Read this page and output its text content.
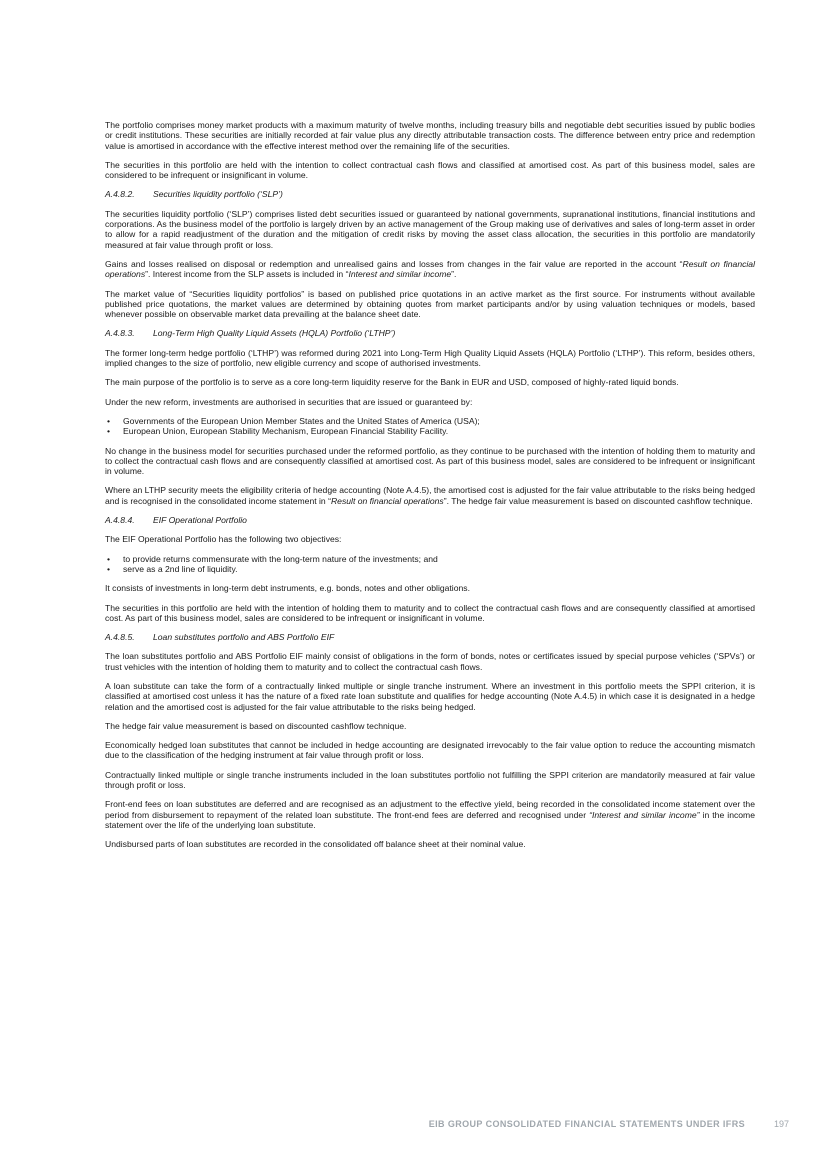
The portfolio comprises money market products with a maximum maturity of twelve months, including treasury bills and negotiable debt securities issued by public bodies or credit institutions. These securities are initially recorded at fair value plus any directly attributable transaction costs. The difference between entry price and redemption value is amortised in accordance with the effective interest method over the remaining life of the securities.

The securities in this portfolio are held with the intention to collect contractual cash flows and classified at amortised cost. As part of this business model, sales are considered to be infrequent or insignificant in volume.

A.4.8.2. Securities liquidity portfolio (‘SLP’)

The securities liquidity portfolio (‘SLP’) comprises listed debt securities issued or guaranteed by national governments, supranational institutions, financial institutions and corporations. As the business model of the portfolio is largely driven by an active management of the Group making use of derivatives and sales of long-term asset in order to allow for a rapid readjustment of the duration and the mitigation of credit risks by moving the asset class allocation, the securities in this portfolio are mandatorily measured at fair value through profit or loss.

Gains and losses realised on disposal or redemption and unrealised gains and losses from changes in the fair value are reported in the account “Result on financial operations”. Interest income from the SLP assets is included in “Interest and similar income”.

The market value of “Securities liquidity portfolios” is based on published price quotations in an active market as the first source. For instruments without available published price quotations, the market values are determined by obtaining quotes from market participants and/or by using valuation techniques or models, based whenever possible on observable market data prevailing at the balance sheet date.

A.4.8.3. Long-Term High Quality Liquid Assets (HQLA) Portfolio (‘LTHP’)

The former long-term hedge portfolio (‘LTHP’) was reformed during 2021 into Long-Term High Quality Liquid Assets (HQLA) Portfolio (‘LTHP’). This reform, besides others, implied changes to the size of portfolio, new eligible currency and scope of authorised investments.

The main purpose of the portfolio is to serve as a core long-term liquidity reserve for the Bank in EUR and USD, composed of highly-rated liquid bonds.

Under the new reform, investments are authorised in securities that are issued or guaranteed by:

• Governments of the European Union Member States and the United States of America (USA);
• European Union, European Stability Mechanism, European Financial Stability Facility.

No change in the business model for securities purchased under the reformed portfolio, as they continue to be purchased with the intention of holding them to maturity and to collect the contractual cash flows and are consequently classified at amortised cost. As part of this business model, sales are considered to be infrequent or insignificant in volume.

Where an LTHP security meets the eligibility criteria of hedge accounting (Note A.4.5), the amortised cost is adjusted for the fair value attributable to the risks being hedged and is recognised in the consolidated income statement in “Result on financial operations”. The hedge fair value measurement is based on discounted cashflow technique.

A.4.8.4. EIF Operational Portfolio

The EIF Operational Portfolio has the following two objectives:

• to provide returns commensurate with the long-term nature of the investments; and
• serve as a 2nd line of liquidity.

It consists of investments in long-term debt instruments, e.g. bonds, notes and other obligations.

The securities in this portfolio are held with the intention of holding them to maturity and to collect the contractual cash flows and are consequently classified at amortised cost. As part of this business model, sales are considered to be infrequent or insignificant in volume.

A.4.8.5. Loan substitutes portfolio and ABS Portfolio EIF

The loan substitutes portfolio and ABS Portfolio EIF mainly consist of obligations in the form of bonds, notes or certificates issued by special purpose vehicles (‘SPVs’) or trust vehicles with the intention of holding them to maturity and to collect the contractual cash flows.

A loan substitute can take the form of a contractually linked multiple or single tranche instrument. Where an investment in this portfolio meets the SPPI criterion, it is classified at amortised cost unless it has the nature of a fixed rate loan substitute and qualifies for hedge accounting (Note A.4.5) in which case it is designated in a hedge relation and the amortised cost is adjusted for the fair value attributable to the risks being hedged.

The hedge fair value measurement is based on discounted cashflow technique.

Economically hedged loan substitutes that cannot be included in hedge accounting are designated irrevocably to the fair value option to reduce the accounting mismatch due to the classification of the hedging instrument at fair value through profit or loss.

Contractually linked multiple or single tranche instruments included in the loan substitutes portfolio not fulfilling the SPPI criterion are mandatorily measured at fair value through profit or loss.

Front-end fees on loan substitutes are deferred and are recognised as an adjustment to the effective yield, being recorded in the consolidated income statement over the period from disbursement to repayment of the related loan substitute. The front-end fees are deferred and recognised under “Interest and similar income” in the income statement over the life of the underlying loan substitute.

Undisbursed parts of loan substitutes are recorded in the consolidated off balance sheet at their nominal value.

EIB GROUP CONSOLIDATED FINANCIAL STATEMENTS UNDER IFRS	197
